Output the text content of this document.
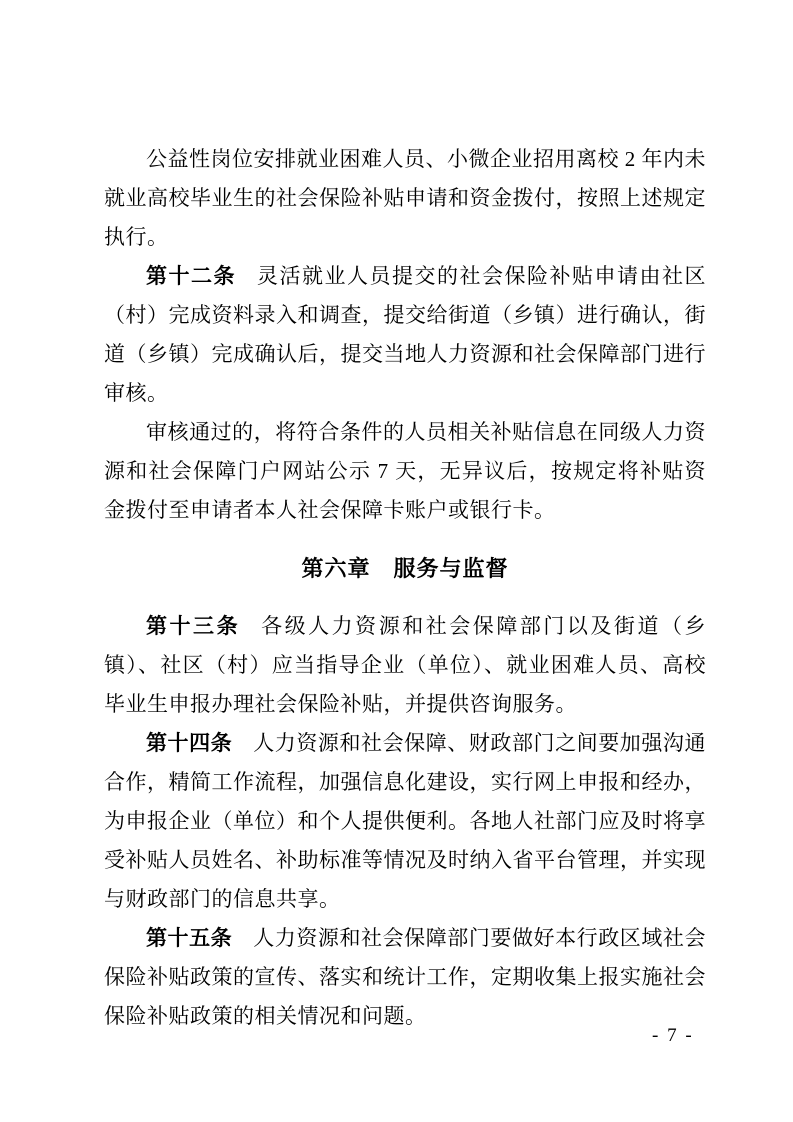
公益性岗位安排就业困难人员、小微企业招用离校 2 年内未就业高校毕业生的社会保险补贴申请和资金拨付，按照上述规定执行。

第十二条 灵活就业人员提交的社会保险补贴申请由社区（村）完成资料录入和调查，提交给街道（乡镇）进行确认，街道（乡镇）完成确认后，提交当地人力资源和社会保障部门进行审核。

审核通过的，将符合条件的人员相关补贴信息在同级人力资源和社会保障门户网站公示 7 天，无异议后，按规定将补贴资金拨付至申请者本人社会保障卡账户或银行卡。

第六章　服务与监督

第十三条 各级人力资源和社会保障部门以及街道（乡镇）、社区（村）应当指导企业（单位）、就业困难人员、高校毕业生申报办理社会保险补贴，并提供咨询服务。

第十四条 人力资源和社会保障、财政部门之间要加强沟通合作，精简工作流程，加强信息化建设，实行网上申报和经办，为申报企业（单位）和个人提供便利。各地人社部门应及时将享受补贴人员姓名、补助标准等情况及时纳入省平台管理，并实现与财政部门的信息共享。

第十五条 人力资源和社会保障部门要做好本行政区域社会保险补贴政策的宣传、落实和统计工作，定期收集上报实施社会保险补贴政策的相关情况和问题。

- 7 -
